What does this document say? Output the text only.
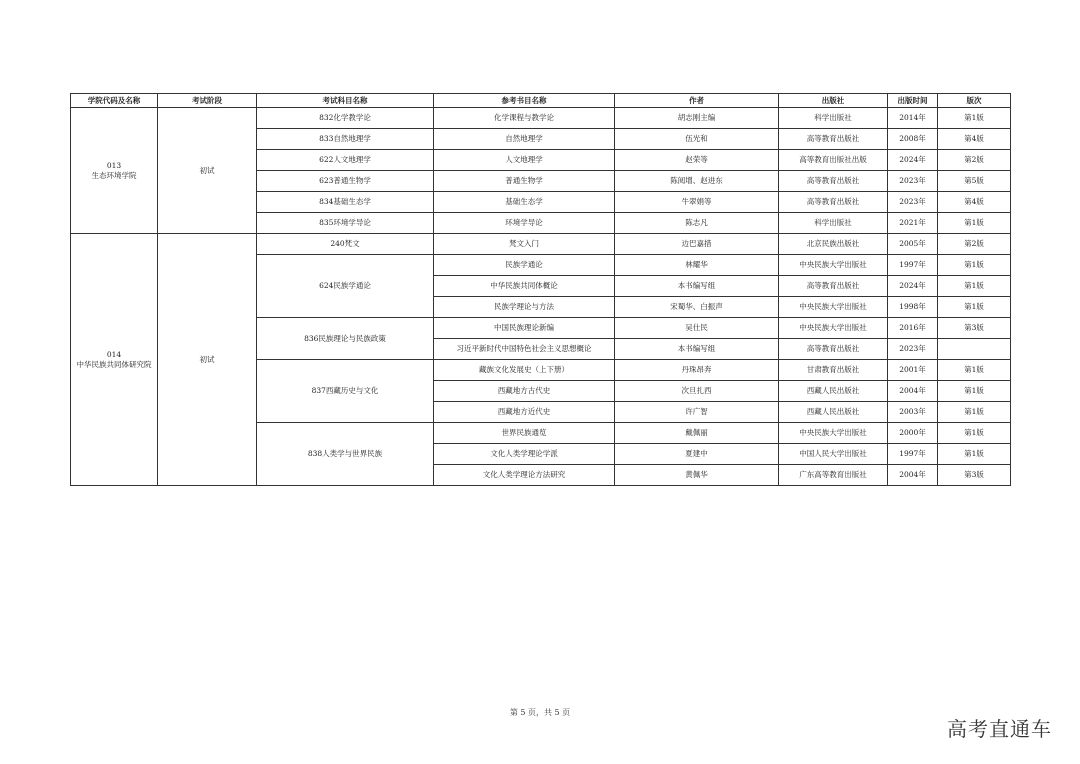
学院代码及名称	考试阶段	考试科目名称	参考书目名称	作者	出版社	出版时间	版次

013
生态环境学院	初试	832化学教学论	化学课程与教学论	胡志刚主编	科学出版社	2014年	第1版
		833自然地理学	自然地理学	伍光和	高等教育出版社	2008年	第4版
		622人文地理学	人文地理学	赵荣等	高等教育出版社出版	2024年	第2版
		623普通生物学	普通生物学	陈阅增、赵进东	高等教育出版社	2023年	第5版
		834基础生态学	基础生态学	牛翠娟等	高等教育出版社	2023年	第4版
		835环境学导论	环境学导论	陈志凡	科学出版社	2021年	第1版

014
中华民族共同体研究院	初试	240梵文	梵文入门	边巴嘉措	北京民族出版社	2005年	第2版
		624民族学通论	民族学通论	林耀华	中央民族大学出版社	1997年	第1版
			中华民族共同体概论	本书编写组	高等教育出版社	2024年	第1版
			民族学理论与方法	宋蜀华、白振声	中央民族大学出版社	1998年	第1版
		836民族理论与民族政策	中国民族理论新编	吴仕民	中央民族大学出版社	2016年	第3版
			习近平新时代中国特色社会主义思想概论	本书编写组	高等教育出版社	2023年	
		837西藏历史与文化	藏族文化发展史（上下册）	丹珠昂奔	甘肃教育出版社	2001年	第1版
			西藏地方古代史	次旦扎西	西藏人民出版社	2004年	第1版
			西藏地方近代史	许广智	西藏人民出版社	2003年	第1版
		838人类学与世界民族	世界民族通览	戴佩丽	中央民族大学出版社	2000年	第1版
			文化人类学理论学派	夏建中	中国人民大学出版社	1997年	第1版
			文化人类学理论方法研究	黄佩华	广东高等教育出版社	2004年	第3版
第 5 页，共 5 页
高考直通车
